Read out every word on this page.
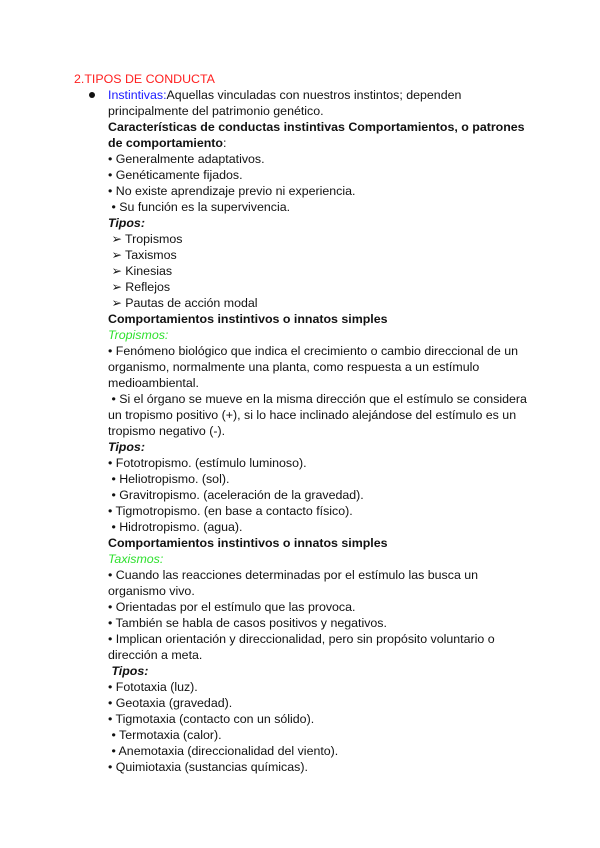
2.TIPOS DE CONDUCTA
Instintivas:Aquellas vinculadas con nuestros instintos; dependen
principalmente del patrimonio genético.
Características de conductas instintivas Comportamientos, o patrones
de comportamiento:
• Generalmente adaptativos.
• Genéticamente fijados.
• No existe aprendizaje previo ni experiencia.
• Su función es la supervivencia.
Tipos:
➢ Tropismos
➢ Taxismos
➢ Kinesias
➢ Reflejos
➢ Pautas de acción modal
Comportamientos instintivos o innatos simples
Tropismos:
• Fenómeno biológico que indica el crecimiento o cambio direccional de un
organismo, normalmente una planta, como respuesta a un estímulo
medioambiental.
• Si el órgano se mueve en la misma dirección que el estímulo se considera
un tropismo positivo (+), si lo hace inclinado alejándose del estímulo es un
tropismo negativo (-).
Tipos:
• Fototropismo. (estímulo luminoso).
• Heliotropismo. (sol).
• Gravitropismo. (aceleración de la gravedad).
• Tigmotropismo. (en base a contacto físico).
• Hidrotropismo. (agua).
Comportamientos instintivos o innatos simples
Taxismos:
• Cuando las reacciones determinadas por el estímulo las busca un
organismo vivo.
• Orientadas por el estímulo que las provoca.
• También se habla de casos positivos y negativos.
• Implican orientación y direccionalidad, pero sin propósito voluntario o
dirección a meta.
Tipos:
• Fototaxia (luz).
• Geotaxia (gravedad).
• Tigmotaxia (contacto con un sólido).
• Termotaxia (calor).
• Anemotaxia (direccionalidad del viento).
• Quimiotaxia (sustancias químicas).
